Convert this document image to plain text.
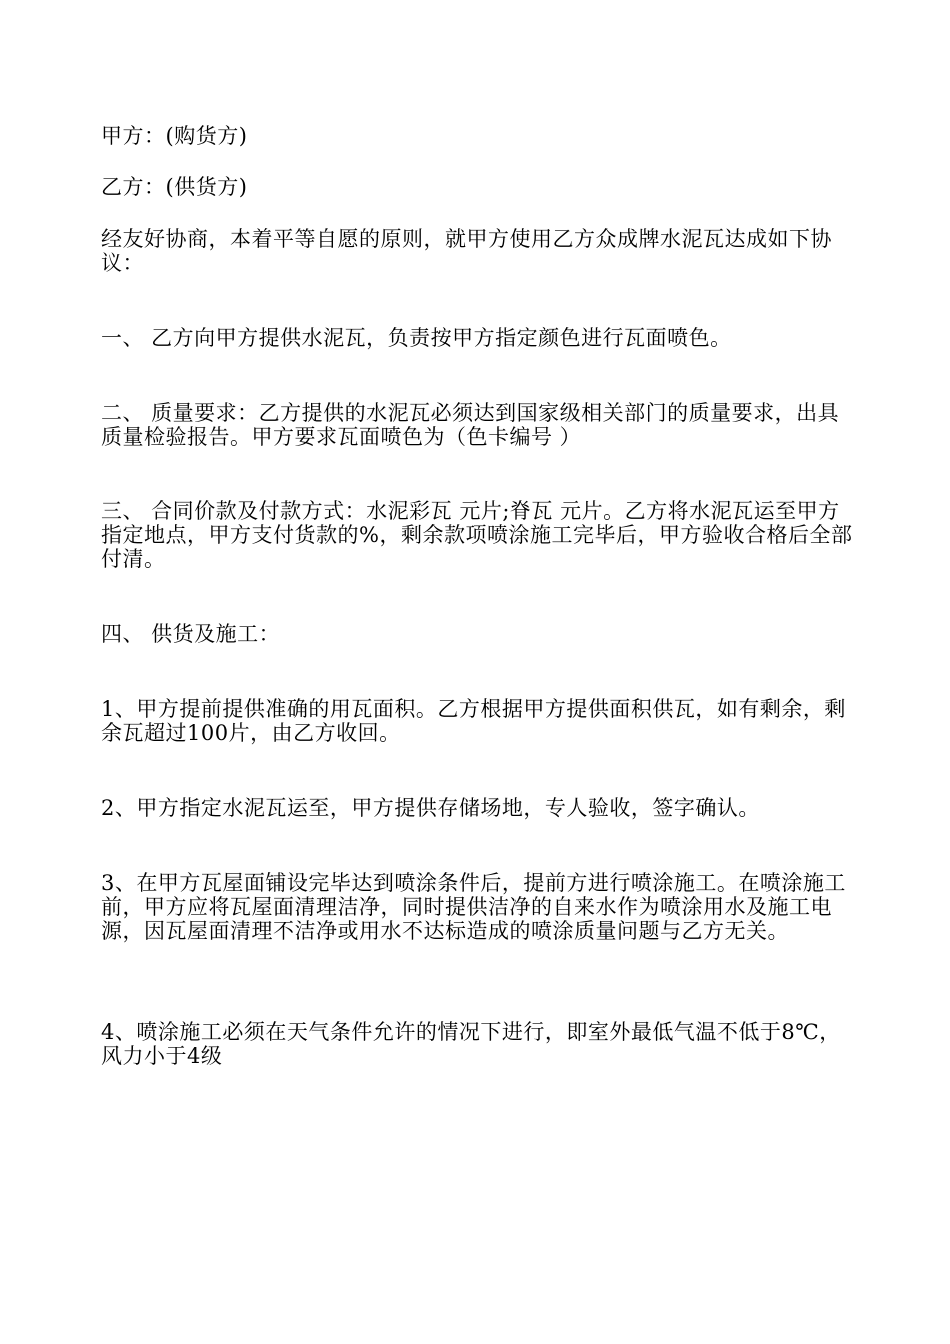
甲方：(购货方)
乙方：(供货方)
经友好协商，本着平等自愿的原则，就甲方使用乙方众成牌水泥瓦达成如下协议：
一、 乙方向甲方提供水泥瓦，负责按甲方指定颜色进行瓦面喷色。
二、 质量要求：乙方提供的水泥瓦必须达到国家级相关部门的质量要求，出具质量检验报告。甲方要求瓦面喷色为（色卡编号 ）
三、 合同价款及付款方式：水泥彩瓦 元片;脊瓦 元片。乙方将水泥瓦运至甲方指定地点，甲方支付货款的%，剩余款项喷涂施工完毕后，甲方验收合格后全部付清。
四、 供货及施工：
1、甲方提前提供准确的用瓦面积。乙方根据甲方提供面积供瓦，如有剩余，剩余瓦超过100片，由乙方收回。
2、甲方指定水泥瓦运至，甲方提供存储场地，专人验收，签字确认。
3、在甲方瓦屋面铺设完毕达到喷涂条件后，提前方进行喷涂施工。在喷涂施工前，甲方应将瓦屋面清理洁净，同时提供洁净的自来水作为喷涂用水及施工电源，因瓦屋面清理不洁净或用水不达标造成的喷涂质量问题与乙方无关。
4、喷涂施工必须在天气条件允许的情况下进行，即室外最低气温不低于8℃，风力小于4级
